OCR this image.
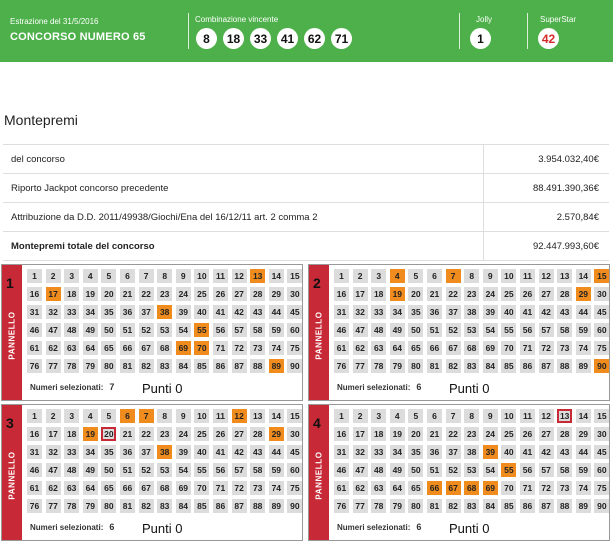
Estrazione del 31/5/2016
CONCORSO NUMERO 65
Combinazione vincente
8	18	33	41	62	71
Jolly
1
SuperStar
42
Montepremi
del concorso	3.954.032,40€
Riporto Jackpot concorso precedente	88.491.390,36€
Attribuzione da D.D. 2011/49938/Giochi/Ena del 16/12/11 art. 2 comma 2	2.570,84€
Montepremi totale del concorso	92.447.993,60€
1
PANNELLO
1	2	3	4	5	6	7	8	9	10	11	12	13	14	15
16	17	18	19	20	21	22	23	24	25	26	27	28	29	30
31	32	33	34	35	36	37	38	39	40	41	42	43	44	45
46	47	48	49	50	51	52	53	54	55	56	57	58	59	60
61	62	63	64	65	66	67	68	69	70	71	72	73	74	75
76	77	78	79	80	81	82	83	84	85	86	87	88	89	90
Numeri selezionati: 7 Punti 0
2
PANNELLO
1	2	3	4	5	6	7	8	9	10	11	12	13	14	15
16	17	18	19	20	21	22	23	24	25	26	27	28	29	30
31	32	33	34	35	36	37	38	39	40	41	42	43	44	45
46	47	48	49	50	51	52	53	54	55	56	57	58	59	60
61	62	63	64	65	66	67	68	69	70	71	72	73	74	75
76	77	78	79	80	81	82	83	84	85	86	87	88	89	90
Numeri selezionati: 6 Punti 0
3
PANNELLO
1	2	3	4	5	6	7	8	9	10	11	12	13	14	15
16	17	18	19	20	21	22	23	24	25	26	27	28	29	30
31	32	33	34	35	36	37	38	39	40	41	42	43	44	45
46	47	48	49	50	51	52	53	54	55	56	57	58	59	60
61	62	63	64	65	66	67	68	69	70	71	72	73	74	75
76	77	78	79	80	81	82	83	84	85	86	87	88	89	90
Numeri selezionati: 6 Punti 0
4
PANNELLO
1	2	3	4	5	6	7	8	9	10	11	12	13	14	15
16	17	18	19	20	21	22	23	24	25	26	27	28	29	30
31	32	33	34	35	36	37	38	39	40	41	42	43	44	45
46	47	48	49	50	51	52	53	54	55	56	57	58	59	60
61	62	63	64	65	66	67	68	69	70	71	72	73	74	75
76	77	78	79	80	81	82	83	84	85	86	87	88	89	90
Numeri selezionati: 6 Punti 0
